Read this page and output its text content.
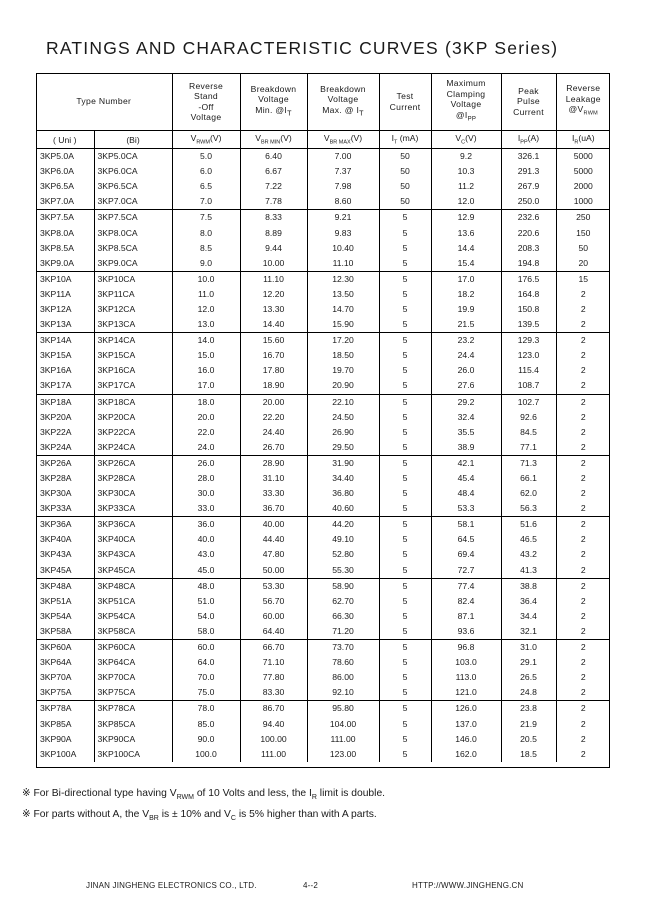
RATINGS AND CHARACTERISTIC CURVES (3KP Series)
Type Number		Reverse
Stand
-Off
Voltage	Breakdown
Voltage
Min. $@I_T$	Breakdown
Voltage
Max. @ $I_T$	Test
Current	Maximum
Clamping
Voltage
$@I_{PP}$	Peak
Pulse
Current	Reverse
Leakage
$@V_{RWM}$
( Uni )	(Bi)	$V_{RWM}(V)$	$V_{BR MIN}(V)$	$V_{BR MAX}(V)$	$I_T$ (mA)	$V_C(V)$	$I_{PP}(A)$	$I_R(uA)$
3KP5.0A	3KP5.0CA	5.0	6.40	7.00	50	9.2	326.1	5000
3KP6.0A	3KP6.0CA	6.0	6.67	7.37	50	10.3	291.3	5000
3KP6.5A	3KP6.5CA	6.5	7.22	7.98	50	11.2	267.9	2000
3KP7.0A	3KP7.0CA	7.0	7.78	8.60	50	12.0	250.0	1000
3KP7.5A	3KP7.5CA	7.5	8.33	9.21	5	12.9	232.6	250
3KP8.0A	3KP8.0CA	8.0	8.89	9.83	5	13.6	220.6	150
3KP8.5A	3KP8.5CA	8.5	9.44	10.40	5	14.4	208.3	50
3KP9.0A	3KP9.0CA	9.0	10.00	11.10	5	15.4	194.8	20
3KP10A	3KP10CA	10.0	11.10	12.30	5	17.0	176.5	15
3KP11A	3KP11CA	11.0	12.20	13.50	5	18.2	164.8	2
3KP12A	3KP12CA	12.0	13.30	14.70	5	19.9	150.8	2
3KP13A	3KP13CA	13.0	14.40	15.90	5	21.5	139.5	2
3KP14A	3KP14CA	14.0	15.60	17.20	5	23.2	129.3	2
3KP15A	3KP15CA	15.0	16.70	18.50	5	24.4	123.0	2
3KP16A	3KP16CA	16.0	17.80	19.70	5	26.0	115.4	2
3KP17A	3KP17CA	17.0	18.90	20.90	5	27.6	108.7	2
3KP18A	3KP18CA	18.0	20.00	22.10	5	29.2	102.7	2
3KP20A	3KP20CA	20.0	22.20	24.50	5	32.4	92.6	2
3KP22A	3KP22CA	22.0	24.40	26.90	5	35.5	84.5	2
3KP24A	3KP24CA	24.0	26.70	29.50	5	38.9	77.1	2
3KP26A	3KP26CA	26.0	28.90	31.90	5	42.1	71.3	2
3KP28A	3KP28CA	28.0	31.10	34.40	5	45.4	66.1	2
3KP30A	3KP30CA	30.0	33.30	36.80	5	48.4	62.0	2
3KP33A	3KP33CA	33.0	36.70	40.60	5	53.3	56.3	2
3KP36A	3KP36CA	36.0	40.00	44.20	5	58.1	51.6	2
3KP40A	3KP40CA	40.0	44.40	49.10	5	64.5	46.5	2
3KP43A	3KP43CA	43.0	47.80	52.80	5	69.4	43.2	2
3KP45A	3KP45CA	45.0	50.00	55.30	5	72.7	41.3	2
3KP48A	3KP48CA	48.0	53.30	58.90	5	77.4	38.8	2
3KP51A	3KP51CA	51.0	56.70	62.70	5	82.4	36.4	2
3KP54A	3KP54CA	54.0	60.00	66.30	5	87.1	34.4	2
3KP58A	3KP58CA	58.0	64.40	71.20	5	93.6	32.1	2
3KP60A	3KP60CA	60.0	66.70	73.70	5	96.8	31.0	2
3KP64A	3KP64CA	64.0	71.10	78.60	5	103.0	29.1	2
3KP70A	3KP70CA	70.0	77.80	86.00	5	113.0	26.5	2
3KP75A	3KP75CA	75.0	83.30	92.10	5	121.0	24.8	2
3KP78A	3KP78CA	78.0	86.70	95.80	5	126.0	23.8	2
3KP85A	3KP85CA	85.0	94.40	104.00	5	137.0	21.9	2
3KP90A	3KP90CA	90.0	100.00	111.00	5	146.0	20.5	2
3KP100A	3KP100CA	100.0	111.00	123.00	5	162.0	18.5	2
※ For Bi-directional type having $V_{RWM}$ of 10 Volts and less, the $I_R$ limit is double.
※ For parts without A, the $V_{BR}$ is ± 10% and $V_C$ is 5% higher than with A parts.
JINAN JINGHENG ELECTRONICS CO., LTD.	4--2	HTTP://WWW.JINGHENG.CN
